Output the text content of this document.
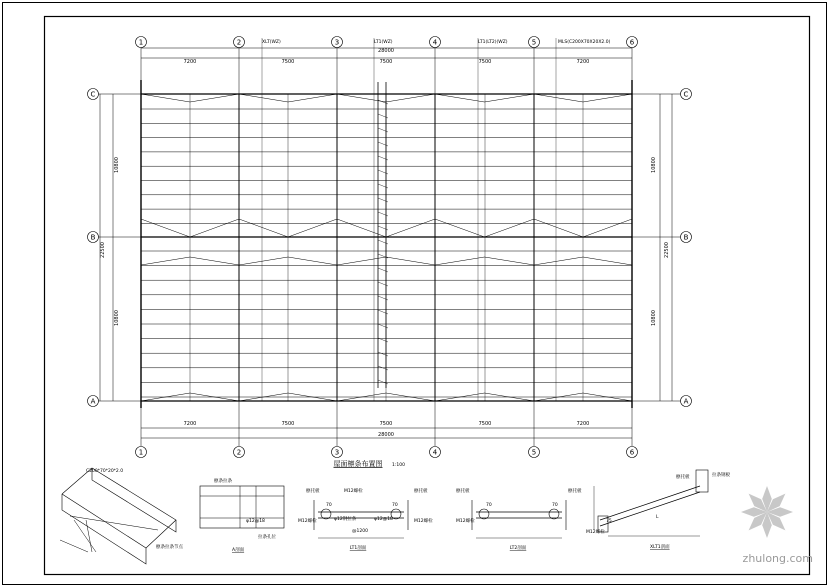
1	2	3	4	5	6
1	2	3	4	5	6
C
B
A
C
B
A
7200	7500	7500	7500	7200
28000
XLT(WZ)	LT1(WZ)	LT1(LT2)(WZ)	MLS(C200X70X20X2.0)
7200	7500	7500	7500	7200
28000
10800
10800
22500
10800
10800
22500
屋面檩条布置图 1:100
C200*70*20*2.0
檩条拉条节点
A剖面
檩条拉条
φ12@18
拉条孔位
LT1剖面	LT2剖面	XLT1剖面
檩托板	M12螺栓
φ12钢拉条
M12螺栓	M12螺栓
φ12@18
檩托板	檩托板	檩托板
M12螺栓
檩托板
M12螺栓
拉条钢板
70	70
@1200
70	70
L
75
zhulong.com
